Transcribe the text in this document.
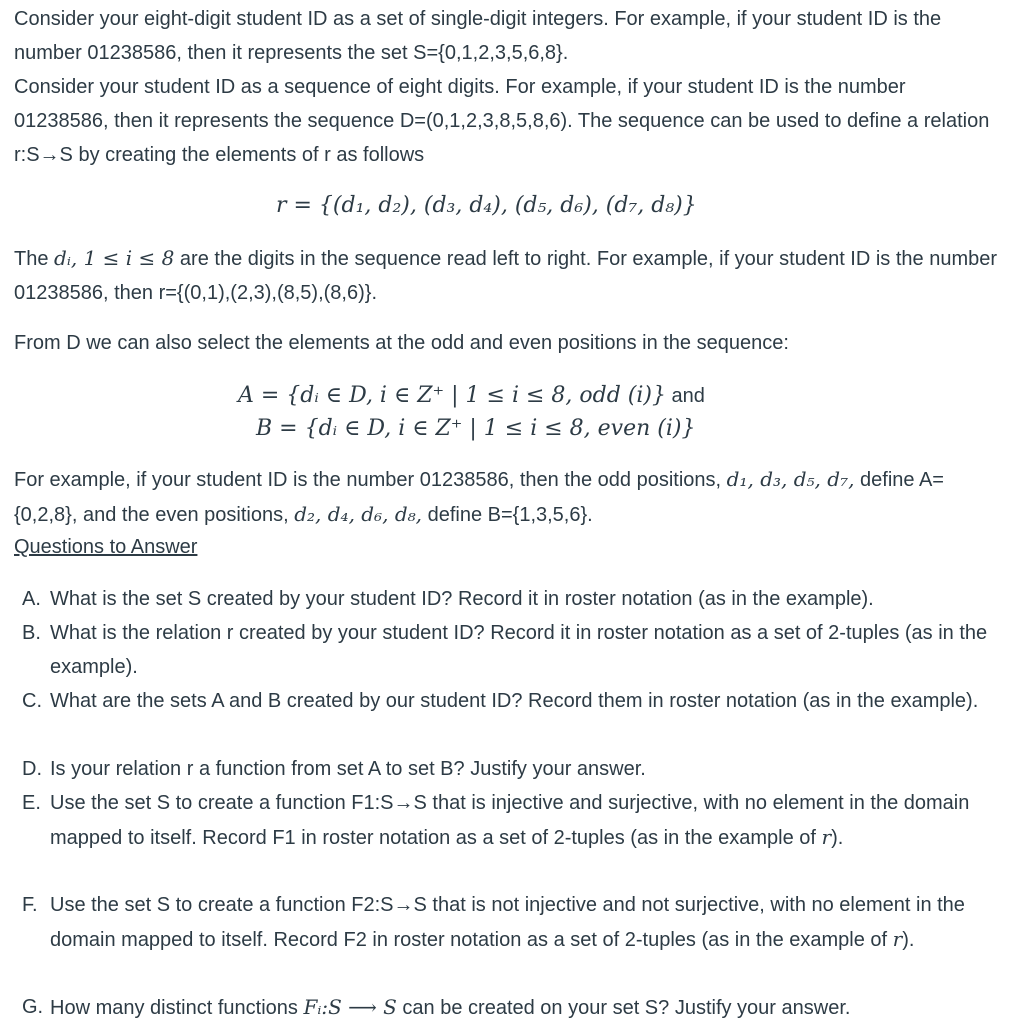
Consider your eight-digit student ID as a set of single-digit integers. For example, if your student ID is the number 01238586, then it represents the set S={0,1,2,3,5,6,8}.

Consider your student ID as a sequence of eight digits. For example, if your student ID is the number 01238586, then it represents the sequence D=(0,1,2,3,8,5,8,6). The sequence can be used to define a relation r:S→S by creating the elements of r as follows

r = {(d₁, d₂), (d₃, d₄), (d₅, d₆), (d₇, d₈)}

The dᵢ, 1 ≤ i ≤ 8 are the digits in the sequence read left to right. For example, if your student ID is the number 01238586, then r={(0,1),(2,3),(8,5),(8,6)}.

From D we can also select the elements at the odd and even positions in the sequence:

A = {dᵢ ∈ D, i ∈ Z⁺ | 1 ≤ i ≤ 8, odd (i)} and
B = {dᵢ ∈ D, i ∈ Z⁺ | 1 ≤ i ≤ 8, even (i)}

For example, if your student ID is the number 01238586, then the odd positions, d₁, d₃, d₅, d₇, define A={0,2,8}, and the even positions, d₂, d₄, d₆, d₈, define B={1,3,5,6}.

Questions to Answer
A. What is the set S created by your student ID? Record it in roster notation (as in the example).
B. What is the relation r created by your student ID? Record it in roster notation as a set of 2-tuples (as in the example).
C. What are the sets A and B created by our student ID? Record them in roster notation (as in the example).
D. Is your relation r a function from set A to set B? Justify your answer.
E. Use the set S to create a function F1:S→S that is injective and surjective, with no element in the domain mapped to itself. Record F1 in roster notation as a set of 2-tuples (as in the example of r).
F. Use the set S to create a function F2:S→S that is not injective and not surjective, with no element in the domain mapped to itself. Record F2 in roster notation as a set of 2-tuples (as in the example of r).
G. How many distinct functions Fᵢ:S ⟶ S can be created on your set S? Justify your answer.
